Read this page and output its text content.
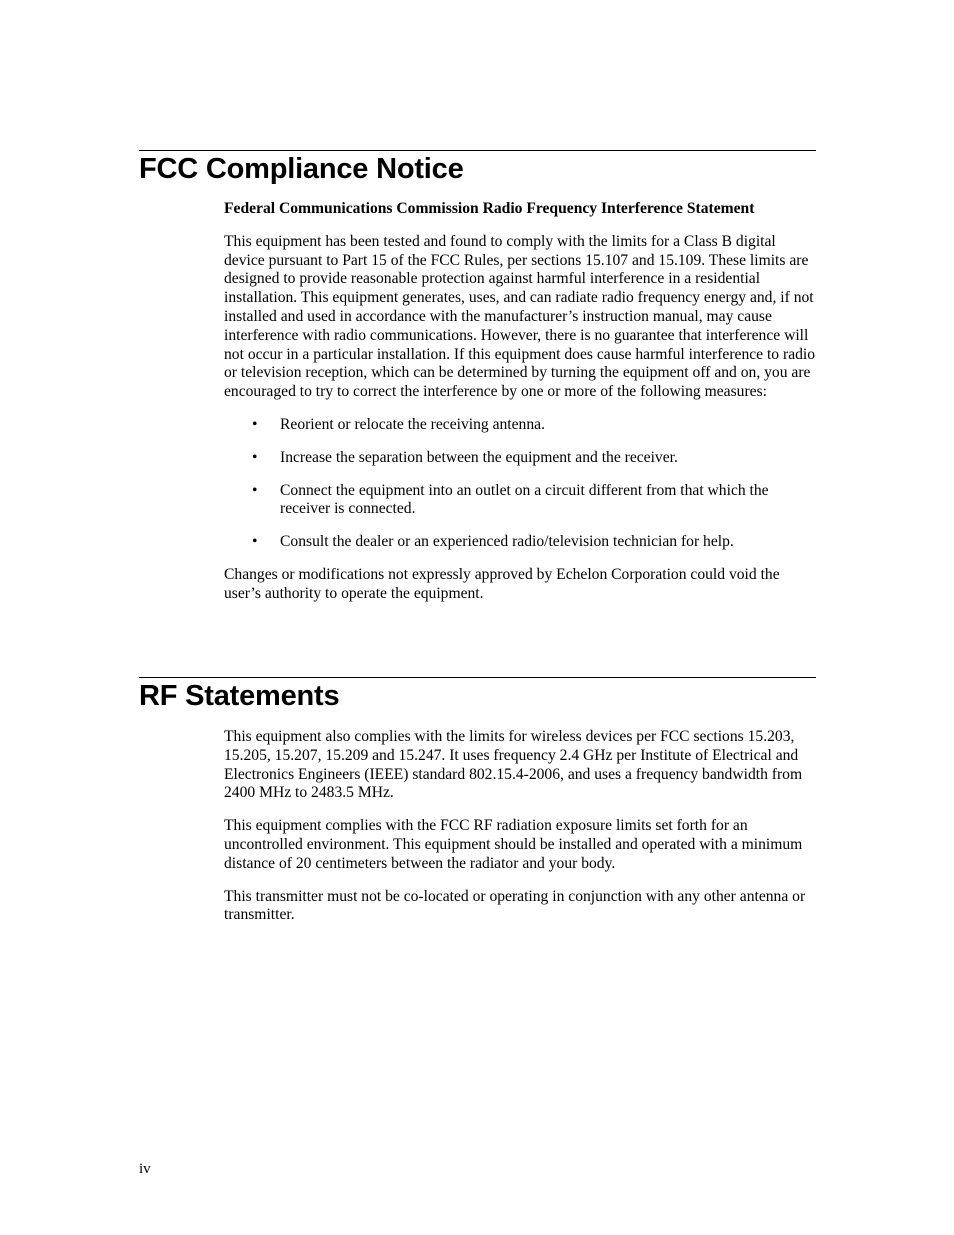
FCC Compliance Notice

Federal Communications Commission Radio Frequency Interference Statement

This equipment has been tested and found to comply with the limits for a Class B digital device pursuant to Part 15 of the FCC Rules, per sections 15.107 and 15.109. These limits are designed to provide reasonable protection against harmful interference in a residential installation. This equipment generates, uses, and can radiate radio frequency energy and, if not installed and used in accordance with the manufacturer’s instruction manual, may cause interference with radio communications. However, there is no guarantee that interference will not occur in a particular installation. If this equipment does cause harmful interference to radio or television reception, which can be determined by turning the equipment off and on, you are encouraged to try to correct the interference by one or more of the following measures:

• Reorient or relocate the receiving antenna.
• Increase the separation between the equipment and the receiver.
• Connect the equipment into an outlet on a circuit different from that which the receiver is connected.
• Consult the dealer or an experienced radio/television technician for help.

Changes or modifications not expressly approved by Echelon Corporation could void the user’s authority to operate the equipment.

RF Statements

This equipment also complies with the limits for wireless devices per FCC sections 15.203, 15.205, 15.207, 15.209 and 15.247. It uses frequency 2.4 GHz per Institute of Electrical and Electronics Engineers (IEEE) standard 802.15.4-2006, and uses a frequency bandwidth from 2400 MHz to 2483.5 MHz.

This equipment complies with the FCC RF radiation exposure limits set forth for an uncontrolled environment. This equipment should be installed and operated with a minimum distance of 20 centimeters between the radiator and your body.

This transmitter must not be co-located or operating in conjunction with any other antenna or transmitter.

iv
